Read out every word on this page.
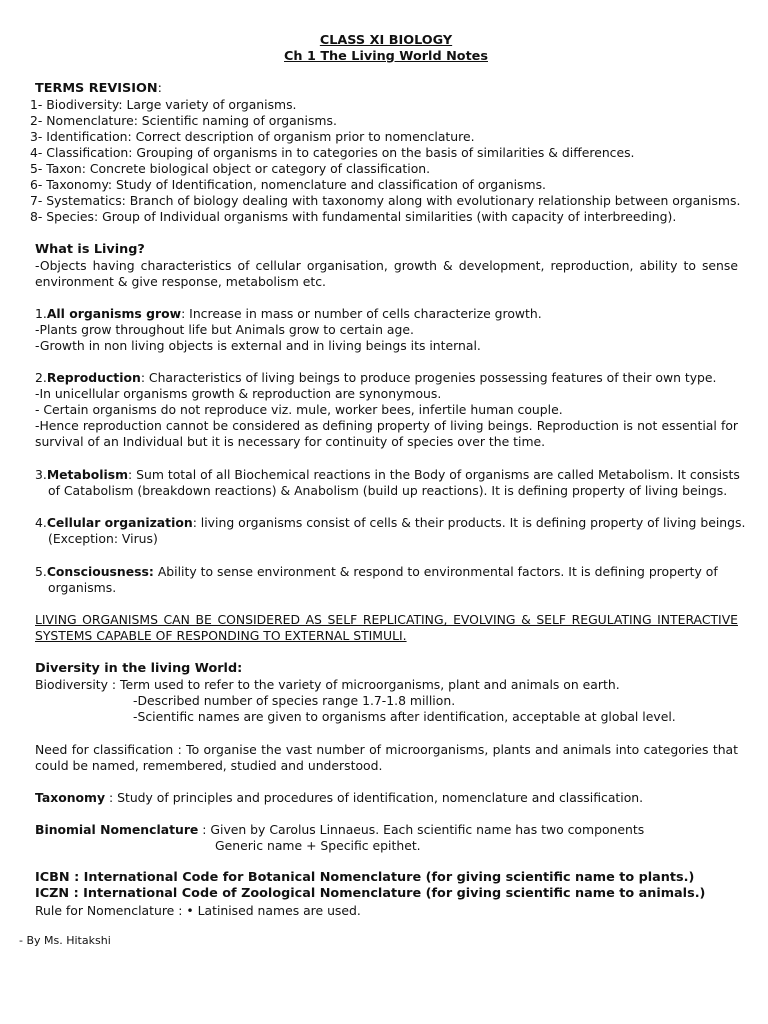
CLASS XI BIOLOGY
Ch 1 The Living World Notes
TERMS REVISION:
1- Biodiversity: Large variety of organisms.
2- Nomenclature: Scientific naming of organisms.
3- Identification: Correct description of organism prior to nomenclature.
4- Classification: Grouping of organisms in to categories on the basis of similarities & differences.
5- Taxon: Concrete biological object or category of classification.
6- Taxonomy: Study of Identification, nomenclature and classification of organisms.
7- Systematics: Branch of biology dealing with taxonomy along with evolutionary relationship between organisms.
8- Species: Group of Individual organisms with fundamental similarities (with capacity of interbreeding).
What is Living?
-Objects having characteristics of cellular organisation, growth & development, reproduction, ability to sense environment & give response, metabolism etc.
1.All organisms grow: Increase in mass or number of cells characterize growth.
-Plants grow throughout life but Animals grow to certain age.
-Growth in non living objects is external and in living beings its internal.
2.Reproduction: Characteristics of living beings to produce progenies possessing features of their own type.
-In unicellular organisms growth & reproduction are synonymous.
- Certain organisms do not reproduce viz. mule, worker bees, infertile human couple.
-Hence reproduction cannot be considered as defining property of living beings. Reproduction is not essential for survival of an Individual but it is necessary for continuity of species over the time.
3.Metabolism: Sum total of all Biochemical reactions in the Body of organisms are called Metabolism. It consists
of Catabolism (breakdown reactions) & Anabolism (build up reactions). It is defining property of living beings.
4.Cellular organization: living organisms consist of cells & their products. It is defining property of living beings.
(Exception: Virus)
5.Consciousness: Ability to sense environment & respond to environmental factors. It is defining property of
organisms.
LIVING ORGANISMS CAN BE CONSIDERED AS SELF REPLICATING, EVOLVING & SELF REGULATING INTERACTIVE SYSTEMS CAPABLE OF RESPONDING TO EXTERNAL STIMULI.
Diversity in the living World:
Biodiversity : Term used to refer to the variety of microorganisms, plant and animals on earth.
-Described number of species range 1.7-1.8 million.
-Scientific names are given to organisms after identification, acceptable at global level.
Need for classification : To organise the vast number of microorganisms, plants and animals into categories that could be named, remembered, studied and understood.
Taxonomy : Study of principles and procedures of identification, nomenclature and classification.
Binomial Nomenclature : Given by Carolus Linnaeus. Each scientific name has two components
Generic name + Specific epithet.
ICBN : International Code for Botanical Nomenclature (for giving scientific name to plants.)
ICZN : International Code of Zoological Nomenclature (for giving scientific name to animals.)
Rule for Nomenclature : • Latinised names are used.
- By Ms. Hitakshi
